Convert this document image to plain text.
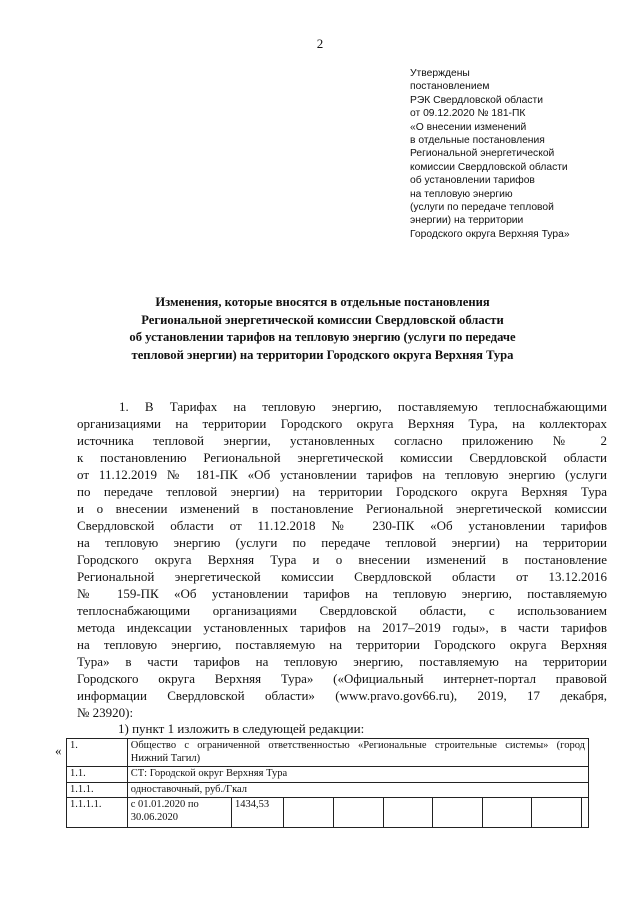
2
Утверждены
постановлением
РЭК Свердловской области
от 09.12.2020 № 181-ПК
«О внесении изменений
в отдельные постановления
Региональной энергетической
комиссии Свердловской области
об установлении тарифов
на тепловую энергию
(услуги по передаче тепловой
энергии) на территории
Городского округа Верхняя Тура»
Изменения, которые вносятся в отдельные постановления
Региональной энергетической комиссии Свердловской области
об установлении тарифов на тепловую энергию (услуги по передаче
тепловой энергии) на территории Городского округа Верхняя Тура
1. В Тарифах на тепловую энергию, поставляемую теплоснабжающими
организациями на территории Городского округа Верхняя Тура, на коллекторах
источника тепловой энергии, установленных согласно приложению № 2
к постановлению Региональной энергетической комиссии Свердловской области
от 11.12.2019 № 181-ПК «Об установлении тарифов на тепловую энергию (услуги
по передаче тепловой энергии) на территории Городского округа Верхняя Тура
и о внесении изменений в постановление Региональной энергетической комиссии
Свердловской области от 11.12.2018 № 230-ПК «Об установлении тарифов
на тепловую энергию (услуги по передаче тепловой энергии) на территории
Городского округа Верхняя Тура и о внесении изменений в постановление
Региональной энергетической комиссии Свердловской области от 13.12.2016
№ 159-ПК «Об установлении тарифов на тепловую энергию, поставляемую
теплоснабжающими организациями Свердловской области, с использованием
метода индексации установленных тарифов на 2017–2019 годы», в части тарифов
на тепловую энергию, поставляемую на территории Городского округа Верхняя
Тура» в части тарифов на тепловую энергию, поставляемую на территории
Городского округа Верхняя Тура» («Официальный интернет-портал правовой
информации Свердловской области» (www.pravo.gov66.ru), 2019, 17 декабря,
№ 23920):
1) пункт 1 изложить в следующей редакции:
« 1.	Общество с ограниченной ответственностью «Региональные строительные системы» (город Нижний Тагил)								
1.1.	СТ: Городской округ Верхняя Тура								
1.1.1.	одноставочный, руб./Гкал								
1.1.1.1.	с 01.01.2020 по 30.06.2020	1434,53							
